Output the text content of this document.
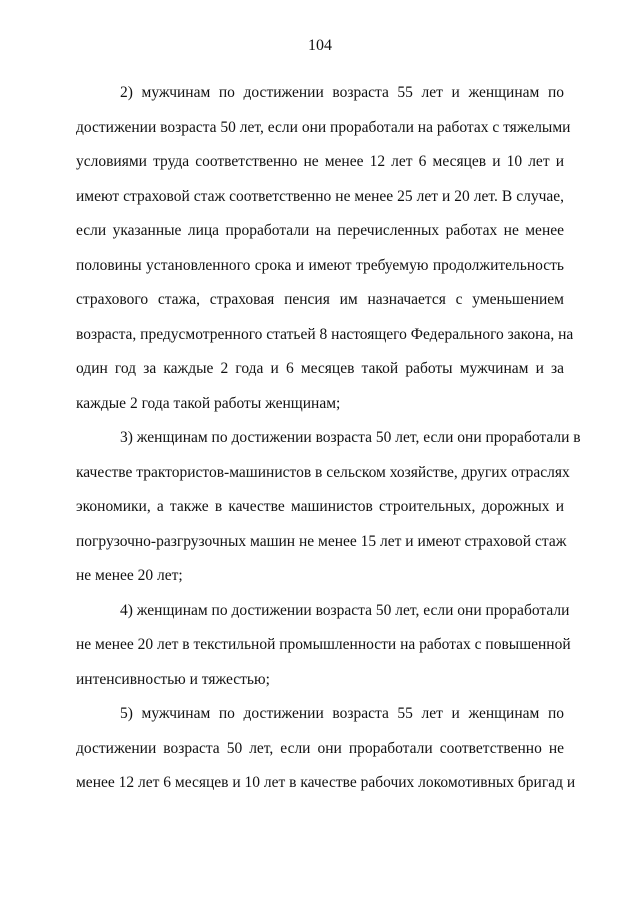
104
2) мужчинам по достижении возраста 55 лет и женщинам по
достижении возраста 50 лет, если они проработали на работах с тяжелыми
условиями труда соответственно не менее 12 лет 6 месяцев и 10 лет и
имеют страховой стаж соответственно не менее 25 лет и 20 лет. В случае,
если указанные лица проработали на перечисленных работах не менее
половины установленного срока и имеют требуемую продолжительность
страхового стажа, страховая пенсия им назначается с уменьшением
возраста, предусмотренного статьей 8 настоящего Федерального закона, на
один год за каждые 2 года и 6 месяцев такой работы мужчинам и за
каждые 2 года такой работы женщинам;
3) женщинам по достижении возраста 50 лет, если они проработали в
качестве трактористов-машинистов в сельском хозяйстве, других отраслях
экономики, а также в качестве машинистов строительных, дорожных и
погрузочно-разгрузочных машин не менее 15 лет и имеют страховой стаж
не менее 20 лет;
4) женщинам по достижении возраста 50 лет, если они проработали
не менее 20 лет в текстильной промышленности на работах с повышенной
интенсивностью и тяжестью;
5) мужчинам по достижении возраста 55 лет и женщинам по
достижении возраста 50 лет, если они проработали соответственно не
менее 12 лет 6 месяцев и 10 лет в качестве рабочих локомотивных бригад и
